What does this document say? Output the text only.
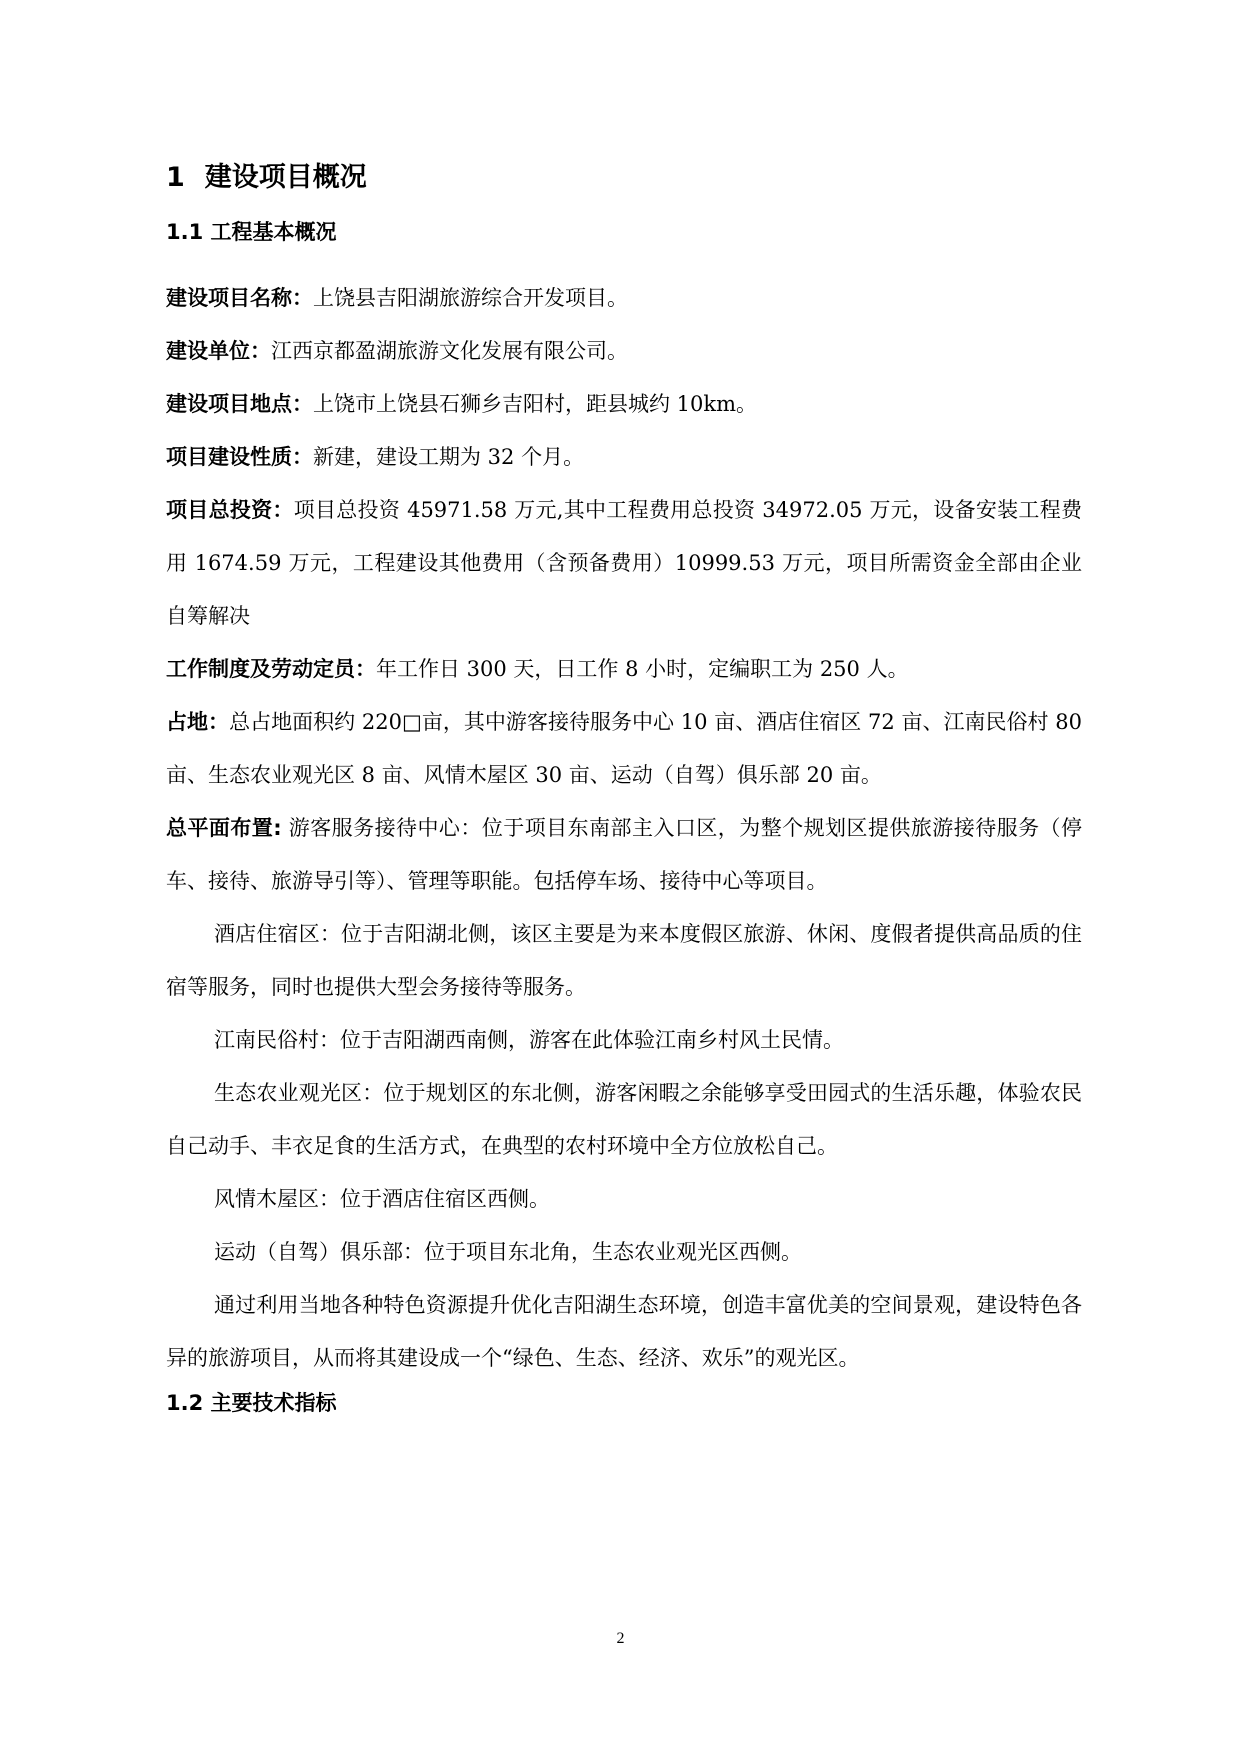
1 建设项目概况
1.1 工程基本概况

建设项目名称：上饶县吉阳湖旅游综合开发项目。

建设单位：江西京都盈湖旅游文化发展有限公司。

建设项目地点：上饶市上饶县石狮乡吉阳村，距县城约 10km。

项目建设性质：新建，建设工期为 32 个月。

项目总投资：项目总投资 45971.58 万元,其中工程费用总投资 34972.05 万元，设备安装工程费用 1674.59 万元，工程建设其他费用（含预备费用）10999.53 万元，项目所需资金全部由企业自筹解决

工作制度及劳动定员：年工作日 300 天，日工作 8 小时，定编职工为 250 人。

占地：总占地面积约 220□亩，其中游客接待服务中心 10 亩、酒店住宿区 72 亩、江南民俗村 80 亩、生态农业观光区 8 亩、风情木屋区 30 亩、运动（自驾）俱乐部 20 亩。

总平面布置: 游客服务接待中心：位于项目东南部主入口区，为整个规划区提供旅游接待服务（停车、接待、旅游导引等）、管理等职能。包括停车场、接待中心等项目。

酒店住宿区：位于吉阳湖北侧，该区主要是为来本度假区旅游、休闲、度假者提供高品质的住宿等服务，同时也提供大型会务接待等服务。

江南民俗村：位于吉阳湖西南侧，游客在此体验江南乡村风土民情。

生态农业观光区：位于规划区的东北侧，游客闲暇之余能够享受田园式的生活乐趣，体验农民自己动手、丰衣足食的生活方式，在典型的农村环境中全方位放松自己。

风情木屋区：位于酒店住宿区西侧。

运动（自驾）俱乐部：位于项目东北角，生态农业观光区西侧。

通过利用当地各种特色资源提升优化吉阳湖生态环境，创造丰富优美的空间景观，建设特色各异的旅游项目，从而将其建设成一个“绿色、生态、经济、欢乐”的观光区。

1.2 主要技术指标
2
